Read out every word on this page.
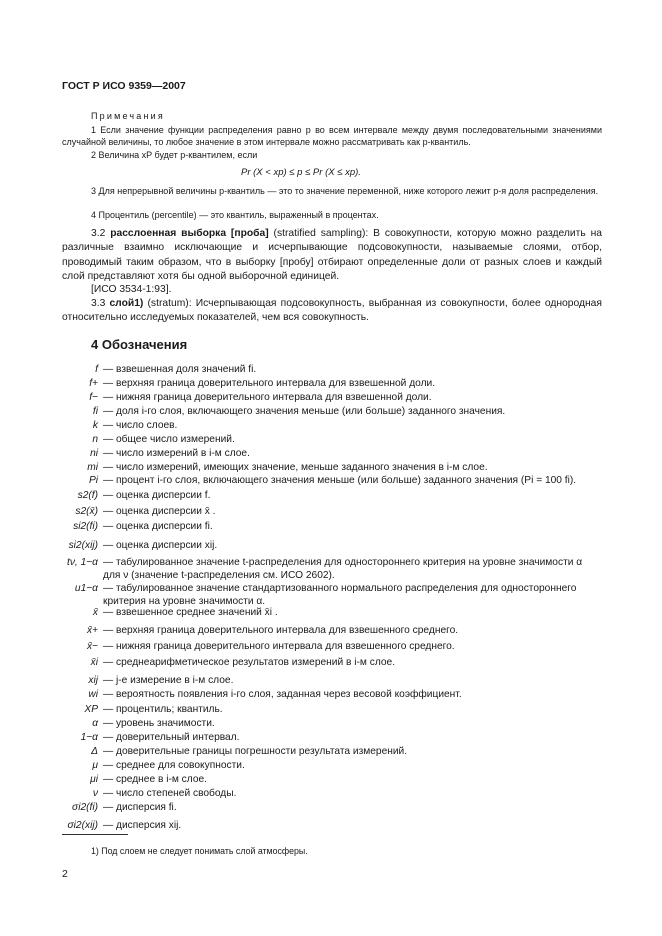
ГОСТ Р ИСО 9359—2007
Примечания
1 Если значение функции распределения равно p во всем интервале между двумя последовательными значениями случайной величины, то любое значение в этом интервале можно рассматривать как p-квантиль.
2 Величина xP будет p-квантилем, если
Pr (X < xp) ≤ p ≤ Pr (X ≤ xp).
3 Для непрерывной величины p-квантиль — это то значение переменной, ниже которого лежит p-я доля распределения.
4 Процентиль (percentile) — это квантиль, выраженный в процентах.
3.2 расслоенная выборка [проба] (stratified sampling): В совокупности, которую можно разделить на различные взаимно исключающие и исчерпывающие подсовокупности, называемые слоями, отбор, проводимый таким образом, что в выборку [пробу] отбирают определенные доли от разных слоев и каждый слой представляют хотя бы одной выборочной единицей.
[ИСО 3534-1:93].
3.3 слой1) (stratum): Исчерпывающая подсовокупность, выбранная из совокупности, более однородная относительно исследуемых показателей, чем вся совокупность.
4 Обозначения
f — взвешенная доля значений fi.
f+ — верхняя граница доверительного интервала для взвешенной доли.
f− — нижняя граница доверительного интервала для взвешенной доли.
fi — доля i-го слоя, включающего значения меньше (или больше) заданного значения.
k — число слоев.
n — общее число измерений.
ni — число измерений в i-м слое.
mi — число измерений, имеющих значение, меньше заданного значения в i-м слое.
Pi — процент i-го слоя, включающего значения меньше (или больше) заданного значения (Pi = 100 fi).
s2(f) — оценка дисперсии f.
s2(x̄) — оценка дисперсии x̄ .
si2(fi) — оценка дисперсии fi.
si2(xij) — оценка дисперсии xij.
tν, 1−α — табулированное значение t-распределения для одностороннего критерия на уровне значимости α для ν (значение t-распределения см. ИСО 2602).
u1−α — табулированное значение стандартизованного нормального распределения для одностороннего критерия на уровне значимости α.
x̄ — взвешенное среднее значений x̄i .
x̄+ — верхняя граница доверительного интервала для взвешенного среднего.
x̄− — нижняя граница доверительного интервала для взвешенного среднего.
x̄i — среднеарифметическое результатов измерений в i-м слое.
xij — j-е измерение в i-м слое.
wi — вероятность появления i-го слоя, заданная через весовой коэффициент.
XP — процентиль; квантиль.
α — уровень значимости.
1−α — доверительный интервал.
Δ — доверительные границы погрешности результата измерений.
μ — среднее для совокупности.
μi — среднее в i-м слое.
ν — число степеней свободы.
σi2(fi) — дисперсия fi.
σi2(xij) — дисперсия xij.
1) Под слоем не следует понимать слой атмосферы.
2
